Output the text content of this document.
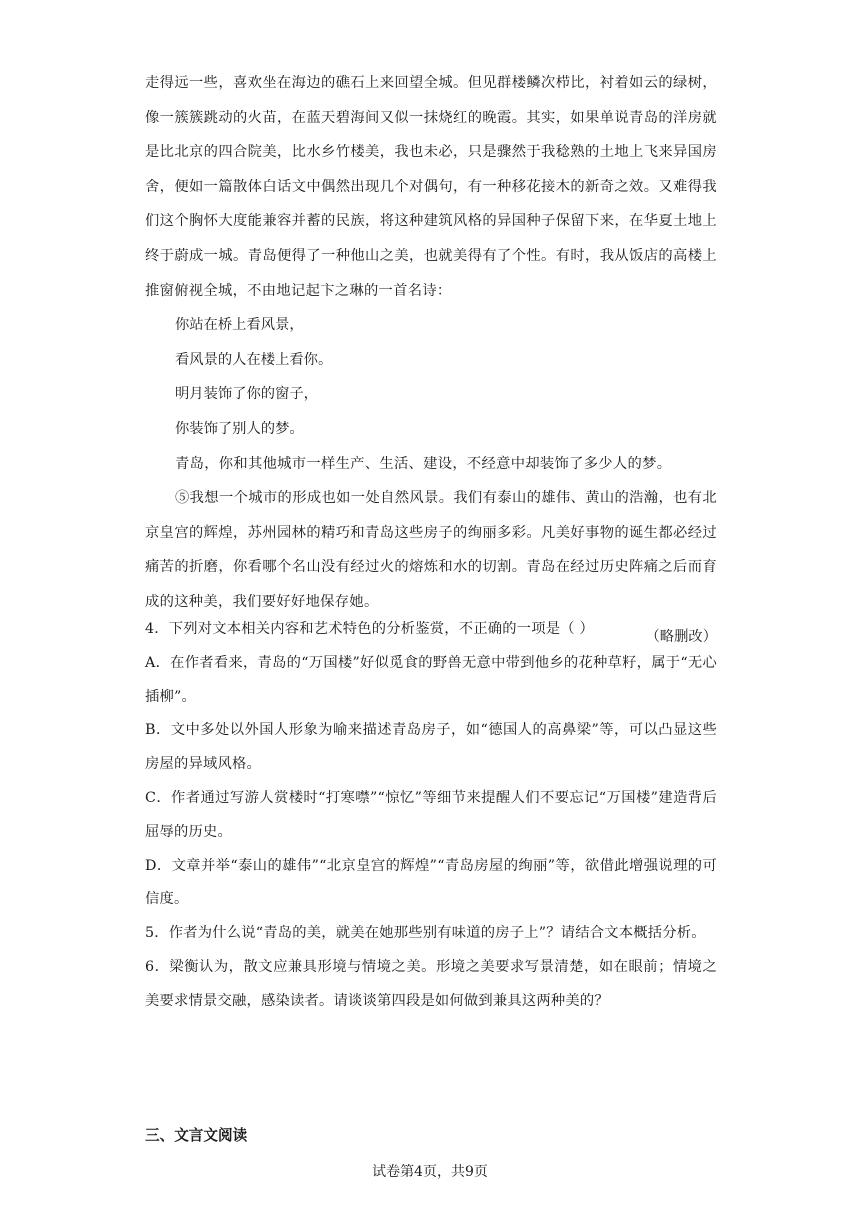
走得远一些，喜欢坐在海边的礁石上来回望全城。但见群楼鳞次栉比，衬着如云的绿树，像一簇簇跳动的火苗，在蓝天碧海间又似一抹烧红的晚霞。其实，如果单说青岛的洋房就是比北京的四合院美，比水乡竹楼美，我也未必，只是骤然于我稔熟的土地上飞来异国房舍，便如一篇散体白话文中偶然出现几个对偶句，有一种移花接木的新奇之效。又难得我们这个胸怀大度能兼容并蓄的民族，将这种建筑风格的异国种子保留下来，在华夏土地上终于蔚成一城。青岛便得了一种他山之美，也就美得有了个性。有时，我从饭店的高楼上推窗俯视全城，不由地记起卞之琳的一首名诗：

你站在桥上看风景，

看风景的人在楼上看你。

明月装饰了你的窗子，

你装饰了别人的梦。

青岛，你和其他城市一样生产、生活、建设，不经意中却装饰了多少人的梦。

⑤我想一个城市的形成也如一处自然风景。我们有泰山的雄伟、黄山的浩瀚，也有北京皇宫的辉煌，苏州园林的精巧和青岛这些房子的绚丽多彩。凡美好事物的诞生都必经过痛苦的折磨，你看哪个名山没有经过火的熔炼和水的切割。青岛在经过历史阵痛之后而育成的这种美，我们要好好地保存她。

（略删改）

4．下列对文本相关内容和艺术特色的分析鉴赏，不正确的一项是（ ）

A．在作者看来，青岛的“万国楼”好似觅食的野兽无意中带到他乡的花种草籽，属于“无心插柳”。

B．文中多处以外国人形象为喻来描述青岛房子，如“德国人的高鼻梁”等，可以凸显这些房屋的异域风格。

C．作者通过写游人赏楼时“打寒噤”“惊忆”等细节来提醒人们不要忘记“万国楼”建造背后屈辱的历史。

D．文章并举“泰山的雄伟”“北京皇宫的辉煌”“青岛房屋的绚丽”等，欲借此增强说理的可信度。

5．作者为什么说“青岛的美，就美在她那些别有味道的房子上”？请结合文本概括分析。

6．梁衡认为，散文应兼具形境与情境之美。形境之美要求写景清楚，如在眼前；情境之美要求情景交融，感染读者。请谈谈第四段是如何做到兼具这两种美的？

三、文言文阅读
试卷第4页，共9页
